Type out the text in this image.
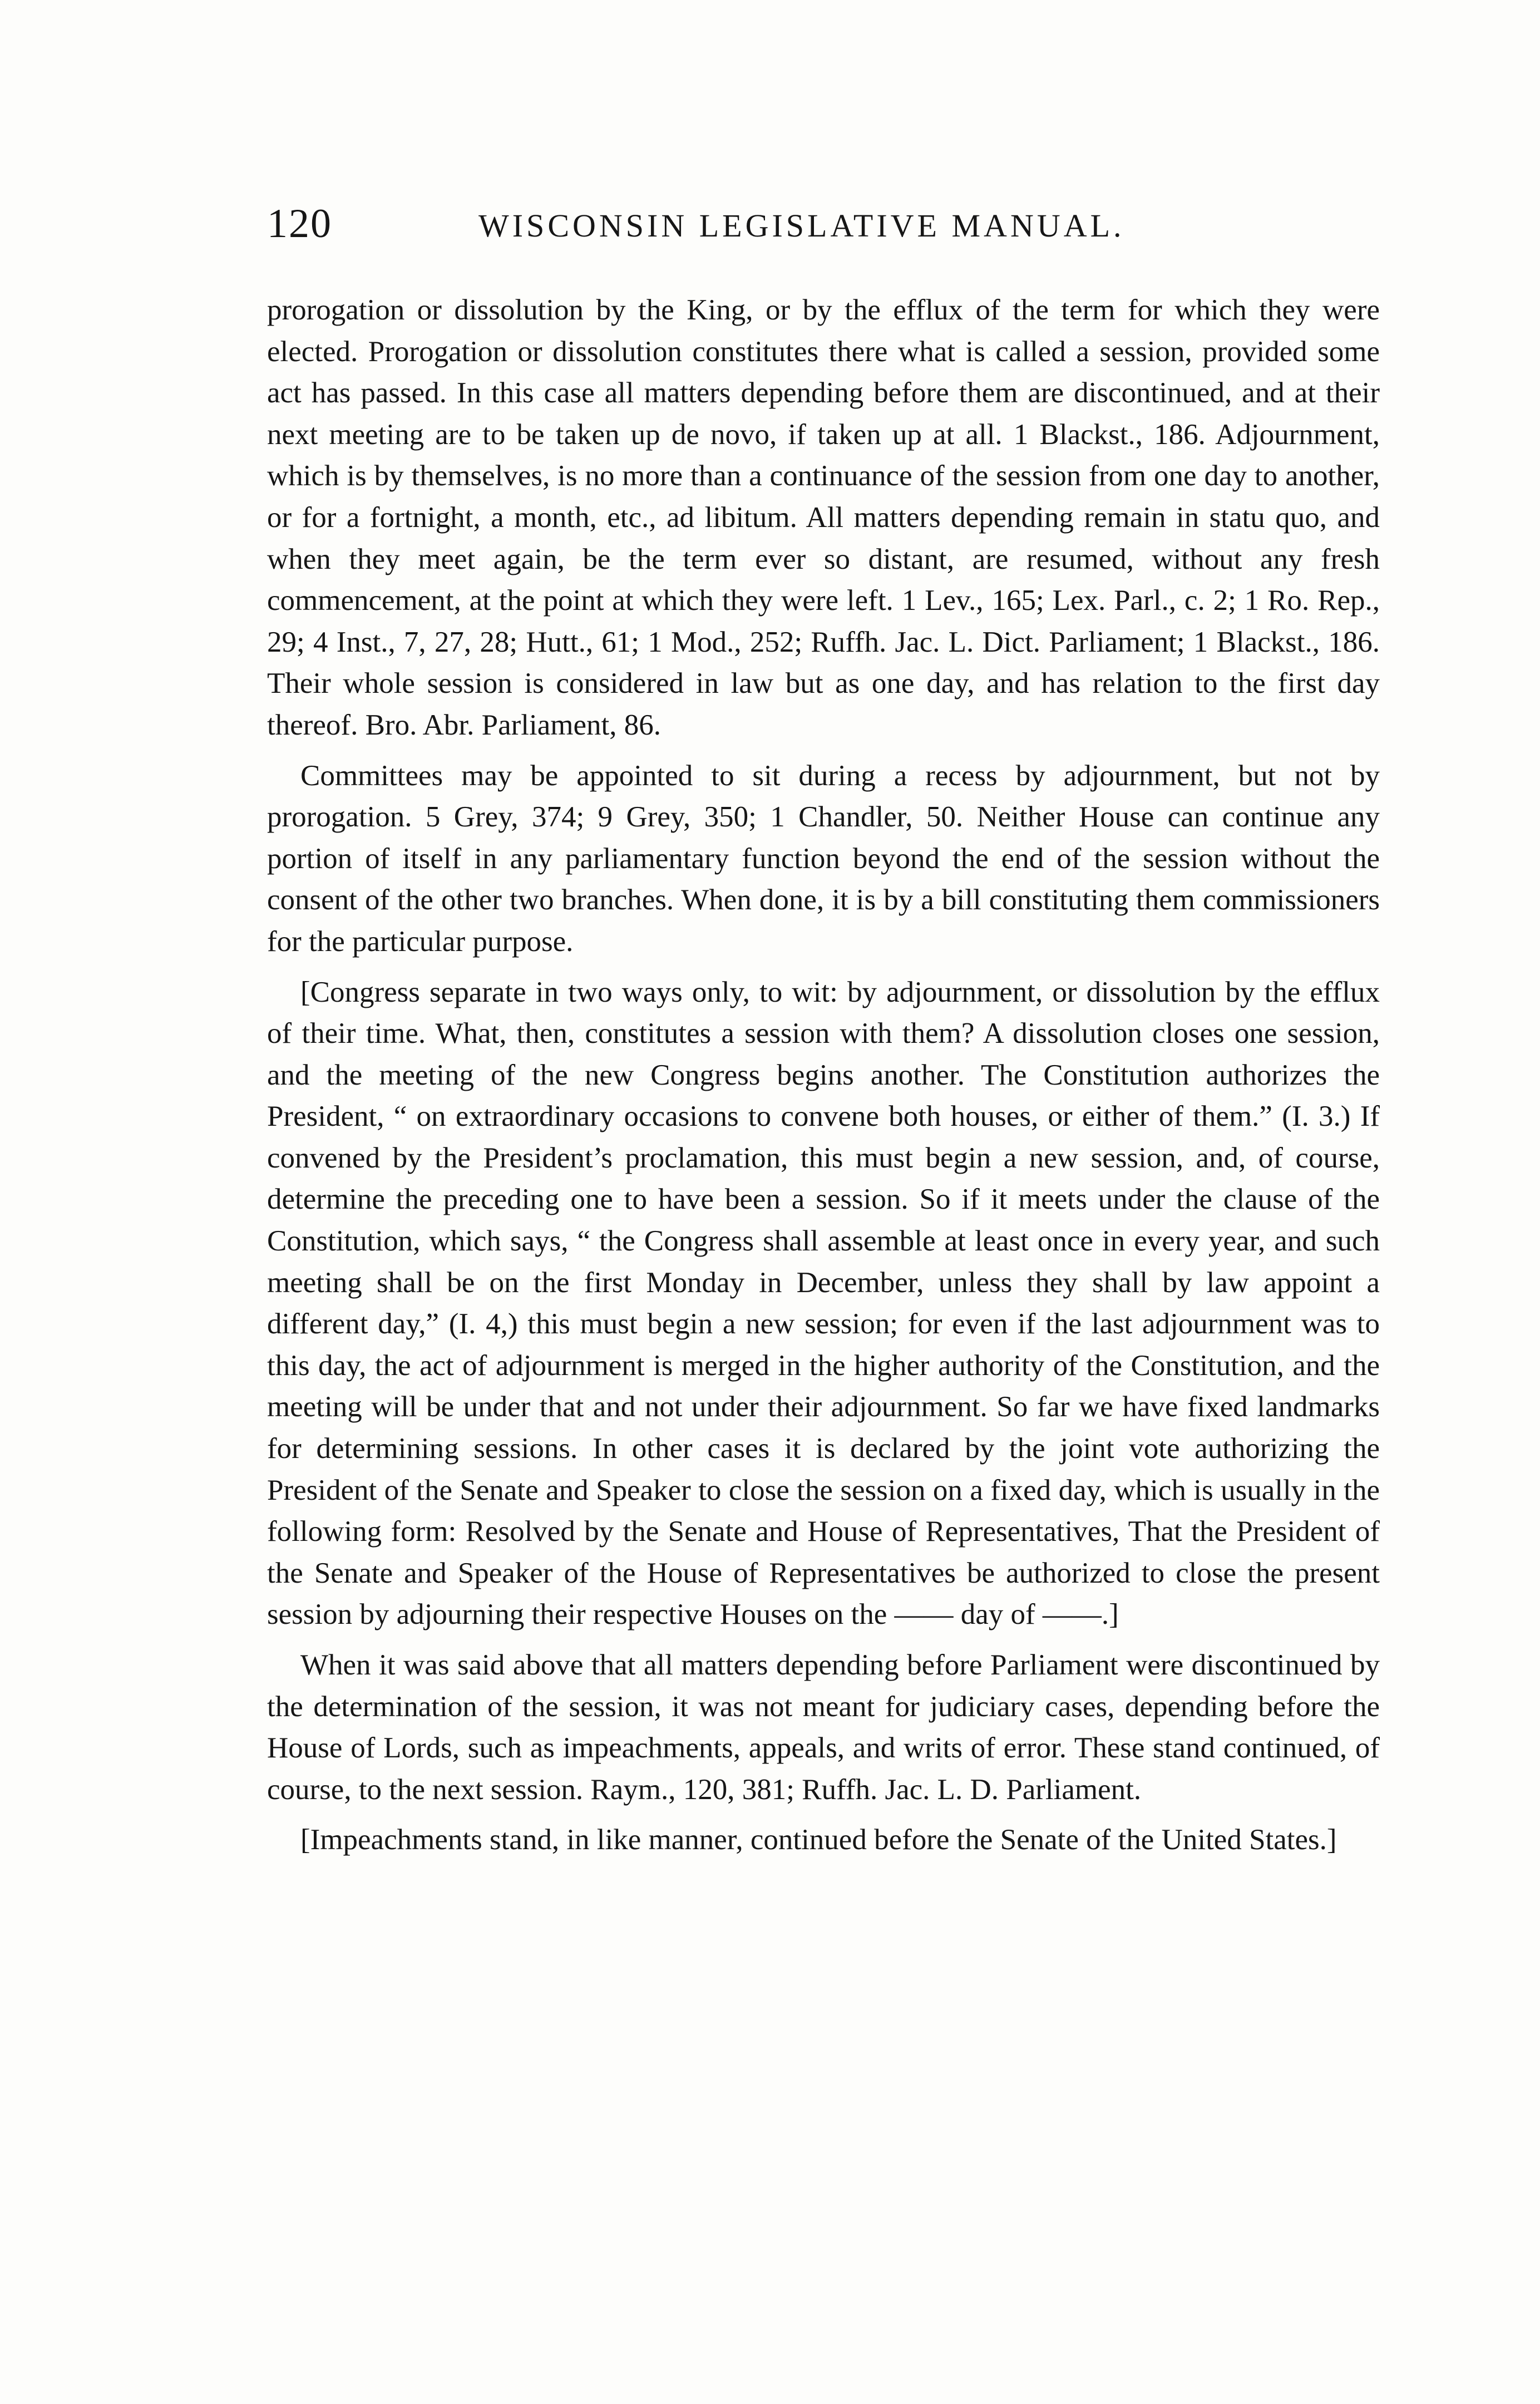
120	WISCONSIN LEGISLATIVE MANUAL.

prorogation or dissolution by the King, or by the efflux of the term for which they were elected. Prorogation or dissolution constitutes there what is called a session, provided some act has passed. In this case all matters depending before them are discontinued, and at their next meeting are to be taken up de novo, if taken up at all. 1 Blackst., 186. Adjournment, which is by themselves, is no more than a continuance of the session from one day to another, or for a fortnight, a month, etc., ad libitum. All matters depending remain in statu quo, and when they meet again, be the term ever so distant, are resumed, without any fresh commencement, at the point at which they were left. 1 Lev., 165; Lex. Parl., c. 2; 1 Ro. Rep., 29; 4 Inst., 7, 27, 28; Hutt., 61; 1 Mod., 252; Ruffh. Jac. L. Dict. Parliament; 1 Blackst., 186. Their whole session is considered in law but as one day, and has relation to the first day thereof. Bro. Abr. Parliament, 86.

Committees may be appointed to sit during a recess by adjournment, but not by prorogation. 5 Grey, 374; 9 Grey, 350; 1 Chandler, 50. Neither House can continue any portion of itself in any parliamentary function beyond the end of the session without the consent of the other two branches. When done, it is by a bill constituting them commissioners for the particular purpose.

[Congress separate in two ways only, to wit: by adjournment, or dissolution by the efflux of their time. What, then, constitutes a session with them? A dissolution closes one session, and the meeting of the new Congress begins another. The Constitution authorizes the President, “ on extraordinary occasions to convene both houses, or either of them.” (I. 3.) If convened by the President’s proclamation, this must begin a new session, and, of course, determine the preceding one to have been a session. So if it meets under the clause of the Constitution, which says, “ the Congress shall assemble at least once in every year, and such meeting shall be on the first Monday in December, unless they shall by law appoint a different day,” (I. 4,) this must begin a new session; for even if the last adjournment was to this day, the act of adjournment is merged in the higher authority of the Constitution, and the meeting will be under that and not under their adjournment. So far we have fixed landmarks for determining sessions. In other cases it is declared by the joint vote authorizing the President of the Senate and Speaker to close the session on a fixed day, which is usually in the following form: Resolved by the Senate and House of Representatives, That the President of the Senate and Speaker of the House of Representatives be authorized to close the present session by adjourning their respective Houses on the —— day of ——.]

When it was said above that all matters depending before Parliament were discontinued by the determination of the session, it was not meant for judiciary cases, depending before the House of Lords, such as impeachments, appeals, and writs of error. These stand continued, of course, to the next session. Raym., 120, 381; Ruffh. Jac. L. D. Parliament.

[Impeachments stand, in like manner, continued before the Senate of the United States.]
